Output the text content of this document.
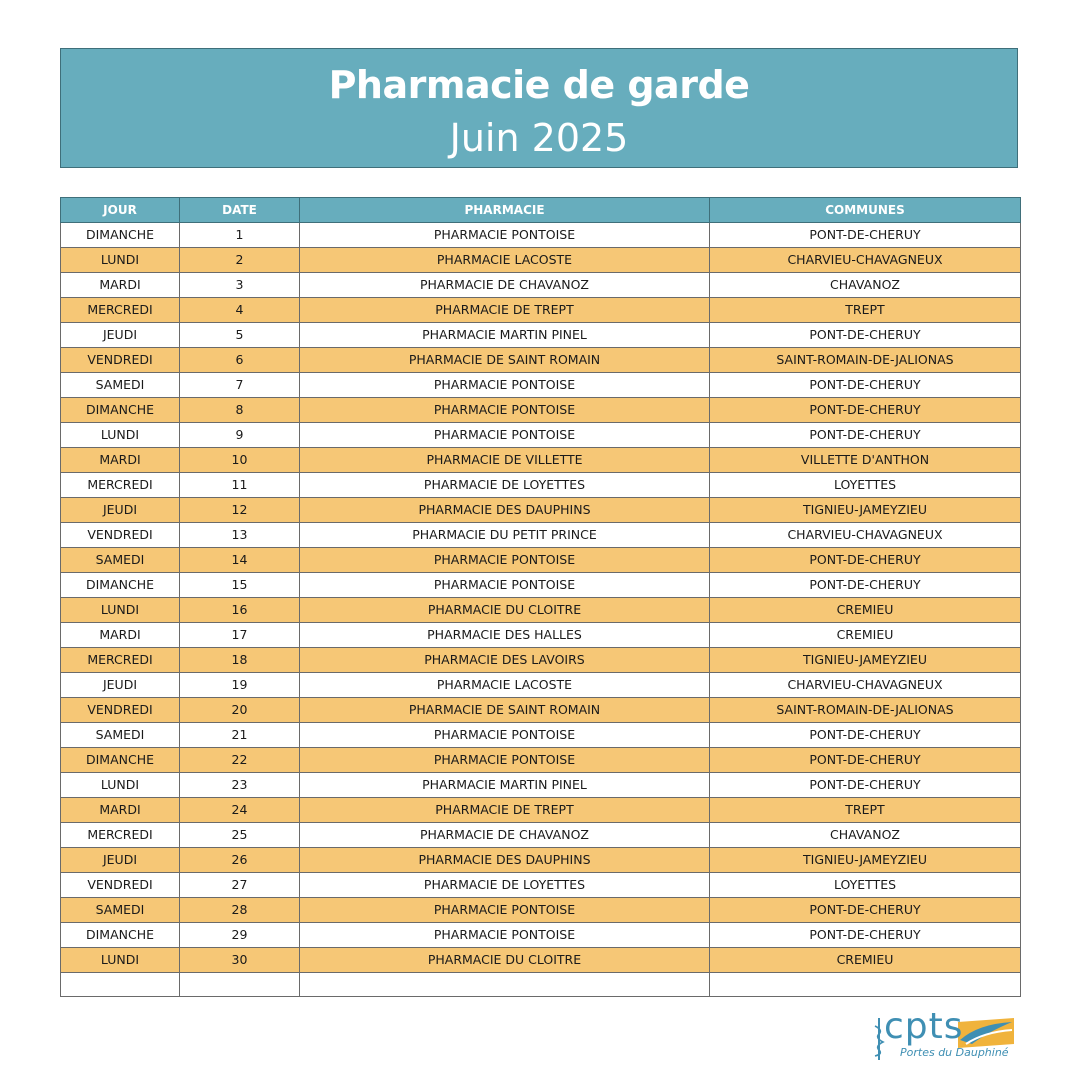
Pharmacie de garde
Juin 2025
JOUR	DATE	PHARMACIE	COMMUNES
DIMANCHE	1	PHARMACIE PONTOISE	PONT-DE-CHERUY
LUNDI	2	PHARMACIE LACOSTE	CHARVIEU-CHAVAGNEUX
MARDI	3	PHARMACIE DE CHAVANOZ	CHAVANOZ
MERCREDI	4	PHARMACIE DE TREPT	TREPT
JEUDI	5	PHARMACIE MARTIN PINEL	PONT-DE-CHERUY
VENDREDI	6	PHARMACIE DE SAINT ROMAIN	SAINT-ROMAIN-DE-JALIONAS
SAMEDI	7	PHARMACIE PONTOISE	PONT-DE-CHERUY
DIMANCHE	8	PHARMACIE PONTOISE	PONT-DE-CHERUY
LUNDI	9	PHARMACIE PONTOISE	PONT-DE-CHERUY
MARDI	10	PHARMACIE DE VILLETTE	VILLETTE D'ANTHON
MERCREDI	11	PHARMACIE DE LOYETTES	LOYETTES
JEUDI	12	PHARMACIE DES DAUPHINS	TIGNIEU-JAMEYZIEU
VENDREDI	13	PHARMACIE DU PETIT PRINCE	CHARVIEU-CHAVAGNEUX
SAMEDI	14	PHARMACIE PONTOISE	PONT-DE-CHERUY
DIMANCHE	15	PHARMACIE PONTOISE	PONT-DE-CHERUY
LUNDI	16	PHARMACIE DU CLOITRE	CREMIEU
MARDI	17	PHARMACIE DES HALLES	CREMIEU
MERCREDI	18	PHARMACIE DES LAVOIRS	TIGNIEU-JAMEYZIEU
JEUDI	19	PHARMACIE LACOSTE	CHARVIEU-CHAVAGNEUX
VENDREDI	20	PHARMACIE DE SAINT ROMAIN	SAINT-ROMAIN-DE-JALIONAS
SAMEDI	21	PHARMACIE PONTOISE	PONT-DE-CHERUY
DIMANCHE	22	PHARMACIE PONTOISE	PONT-DE-CHERUY
LUNDI	23	PHARMACIE MARTIN PINEL	PONT-DE-CHERUY
MARDI	24	PHARMACIE DE TREPT	TREPT
MERCREDI	25	PHARMACIE DE CHAVANOZ	CHAVANOZ
JEUDI	26	PHARMACIE DES DAUPHINS	TIGNIEU-JAMEYZIEU
VENDREDI	27	PHARMACIE DE LOYETTES	LOYETTES
SAMEDI	28	PHARMACIE PONTOISE	PONT-DE-CHERUY
DIMANCHE	29	PHARMACIE PONTOISE	PONT-DE-CHERUY
LUNDI	30	PHARMACIE DU CLOITRE	CREMIEU

cpts
Portes du Dauphiné
